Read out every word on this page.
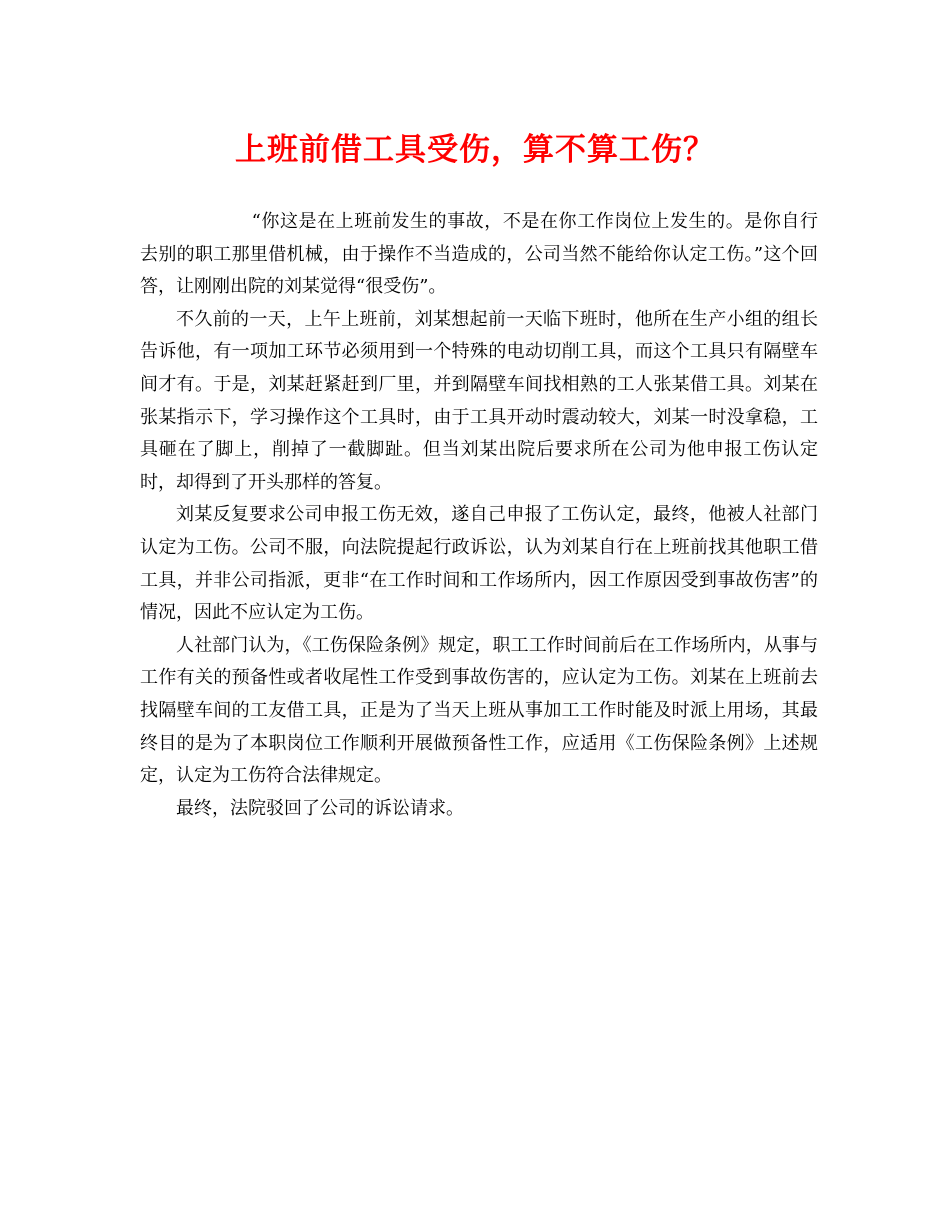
上班前借工具受伤，算不算工伤？

“你这是在上班前发生的事故，不是在你工作岗位上发生的。是你自行去别的职工那里借机械，由于操作不当造成的，公司当然不能给你认定工伤。”这个回答，让刚刚出院的刘某觉得“很受伤”。

不久前的一天，上午上班前，刘某想起前一天临下班时，他所在生产小组的组长告诉他，有一项加工环节必须用到一个特殊的电动切削工具，而这个工具只有隔壁车间才有。于是，刘某赶紧赶到厂里，并到隔壁车间找相熟的工人张某借工具。刘某在张某指示下，学习操作这个工具时，由于工具开动时震动较大，刘某一时没拿稳，工具砸在了脚上，削掉了一截脚趾。但当刘某出院后要求所在公司为他申报工伤认定时，却得到了开头那样的答复。

刘某反复要求公司申报工伤无效，遂自己申报了工伤认定，最终，他被人社部门认定为工伤。公司不服，向法院提起行政诉讼，认为刘某自行在上班前找其他职工借工具，并非公司指派，更非“在工作时间和工作场所内，因工作原因受到事故伤害”的情况，因此不应认定为工伤。

人社部门认为，《工伤保险条例》规定，职工工作时间前后在工作场所内，从事与工作有关的预备性或者收尾性工作受到事故伤害的，应认定为工伤。刘某在上班前去找隔壁车间的工友借工具，正是为了当天上班从事加工工作时能及时派上用场，其最终目的是为了本职岗位工作顺利开展做预备性工作，应适用《工伤保险条例》上述规定，认定为工伤符合法律规定。

最终，法院驳回了公司的诉讼请求。
